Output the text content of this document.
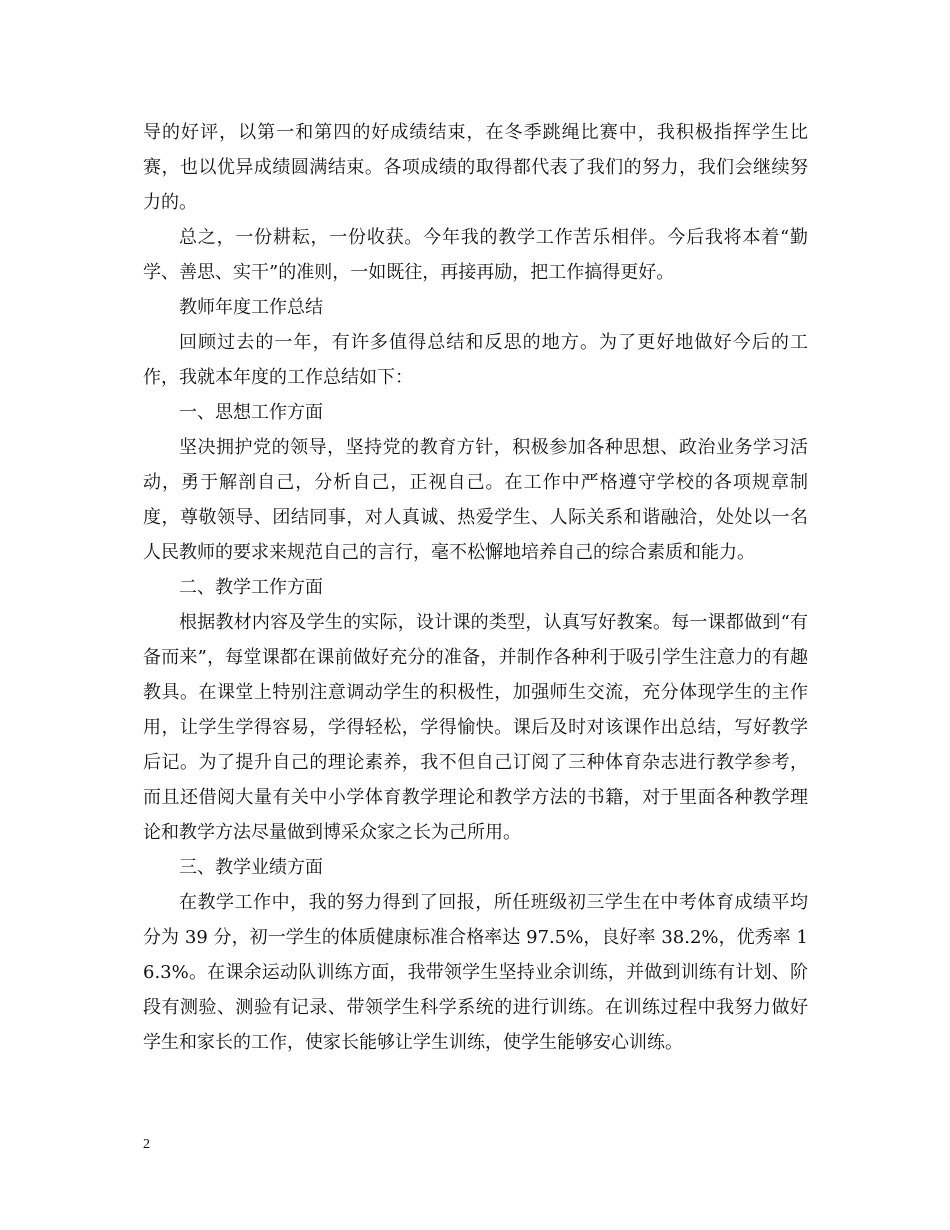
导的好评，以第一和第四的好成绩结束，在冬季跳绳比赛中，我积极指挥学生比赛，也以优异成绩圆满结束。各项成绩的取得都代表了我们的努力，我们会继续努力的。

总之，一份耕耘，一份收获。今年我的教学工作苦乐相伴。今后我将本着“勤学、善思、实干”的准则，一如既往，再接再励，把工作搞得更好。

教师年度工作总结

回顾过去的一年，有许多值得总结和反思的地方。为了更好地做好今后的工作，我就本年度的工作总结如下：

一、思想工作方面

坚决拥护党的领导，坚持党的教育方针，积极参加各种思想、政治业务学习活动，勇于解剖自己，分析自己，正视自己。在工作中严格遵守学校的各项规章制度，尊敬领导、团结同事，对人真诚、热爱学生、人际关系和谐融洽，处处以一名人民教师的要求来规范自己的言行，毫不松懈地培养自己的综合素质和能力。

二、教学工作方面

根据教材内容及学生的实际，设计课的类型，认真写好教案。每一课都做到“有备而来”，每堂课都在课前做好充分的准备，并制作各种利于吸引学生注意力的有趣教具。在课堂上特别注意调动学生的积极性，加强师生交流，充分体现学生的主作用，让学生学得容易，学得轻松，学得愉快。课后及时对该课作出总结，写好教学后记。为了提升自己的理论素养，我不但自己订阅了三种体育杂志进行教学参考，而且还借阅大量有关中小学体育教学理论和教学方法的书籍，对于里面各种教学理论和教学方法尽量做到博采众家之长为己所用。

三、教学业绩方面

在教学工作中，我的努力得到了回报，所任班级初三学生在中考体育成绩平均分为 39 分，初一学生的体质健康标准合格率达 97.5%，良好率 38.2%，优秀率 16.3%。在课余运动队训练方面，我带领学生坚持业余训练，并做到训练有计划、阶段有测验、测验有记录、带领学生科学系统的进行训练。在训练过程中我努力做好学生和家长的工作，使家长能够让学生训练，使学生能够安心训练。

2
